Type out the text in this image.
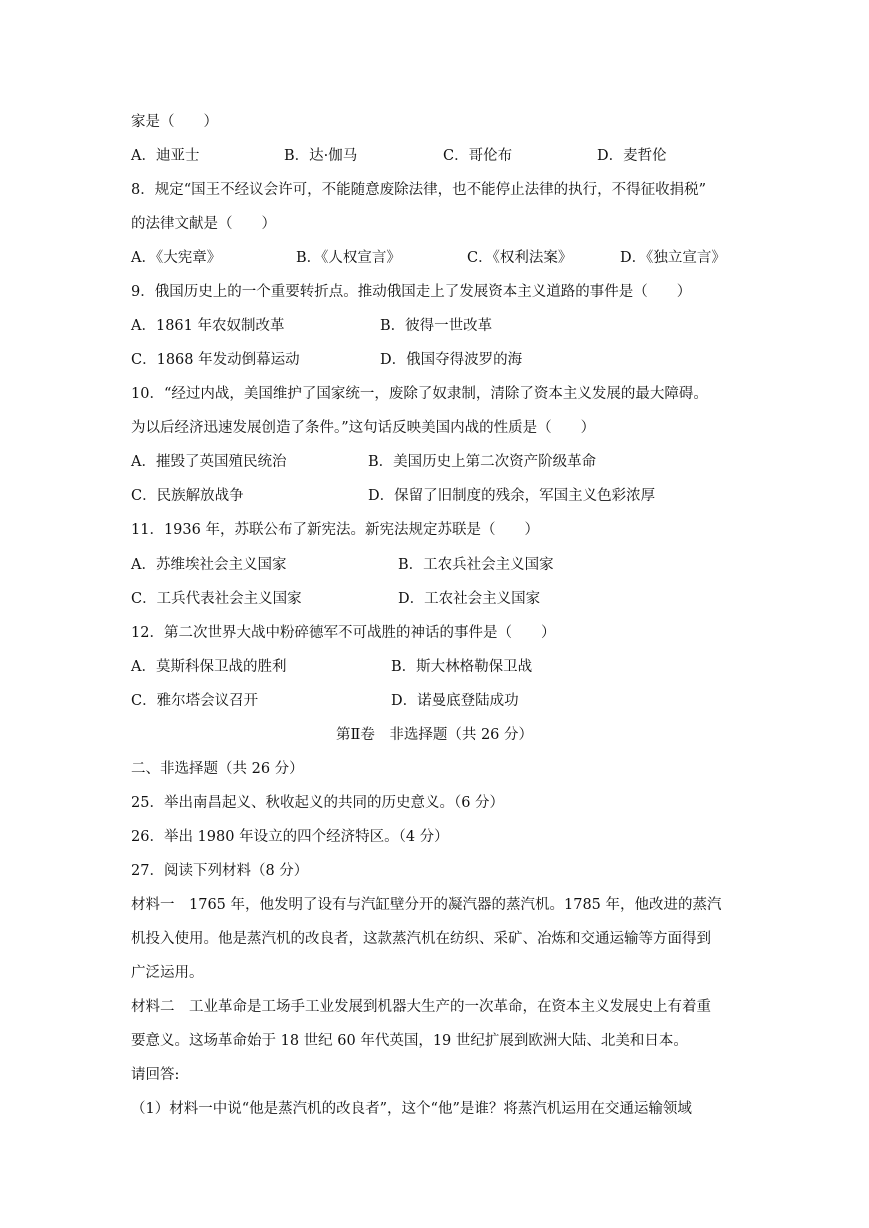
家是（　　）
A．迪亚士	B．达·伽马	C．哥伦布	D．麦哲伦
8．规定“国王不经议会许可，不能随意废除法律，也不能停止法律的执行，不得征收捐税”
的法律文献是（　　）
A．《大宪章》	B．《人权宣言》	C．《权利法案》	D．《独立宣言》
9．俄国历史上的一个重要转折点。推动俄国走上了发展资本主义道路的事件是（　　）
A．1861 年农奴制改革	B．彼得一世改革
C．1868 年发动倒幕运动	D．俄国夺得波罗的海
10．“经过内战，美国维护了国家统一，废除了奴隶制，清除了资本主义发展的最大障碍。
为以后经济迅速发展创造了条件。”这句话反映美国内战的性质是（　　）
A．摧毁了英国殖民统治	B．美国历史上第二次资产阶级革命
C．民族解放战争	D．保留了旧制度的残余，军国主义色彩浓厚
11．1936 年，苏联公布了新宪法。新宪法规定苏联是（　　）
A．苏维埃社会主义国家	B．工农兵社会主义国家
C．工兵代表社会主义国家	D．工农社会主义国家
12．第二次世界大战中粉碎德军不可战胜的神话的事件是（　　）
A．莫斯科保卫战的胜利	B．斯大林格勒保卫战
C．雅尔塔会议召开	D．诺曼底登陆成功
第Ⅱ卷　非选择题（共 26 分）
二、非选择题（共 26 分）
25．举出南昌起义、秋收起义的共同的历史意义。（6 分）
26．举出 1980 年设立的四个经济特区。（4 分）
27．阅读下列材料（8 分）
材料一　1765 年，他发明了设有与汽缸壁分开的凝汽器的蒸汽机。1785 年，他改进的蒸汽
机投入使用。他是蒸汽机的改良者，这款蒸汽机在纺织、采矿、冶炼和交通运输等方面得到
广泛运用。
材料二　工业革命是工场手工业发展到机器大生产的一次革命，在资本主义发展史上有着重
要意义。这场革命始于 18 世纪 60 年代英国，19 世纪扩展到欧洲大陆、北美和日本。
请回答:
（1）材料一中说“他是蒸汽机的改良者”，这个“他”是谁？将蒸汽机运用在交通运输领域
